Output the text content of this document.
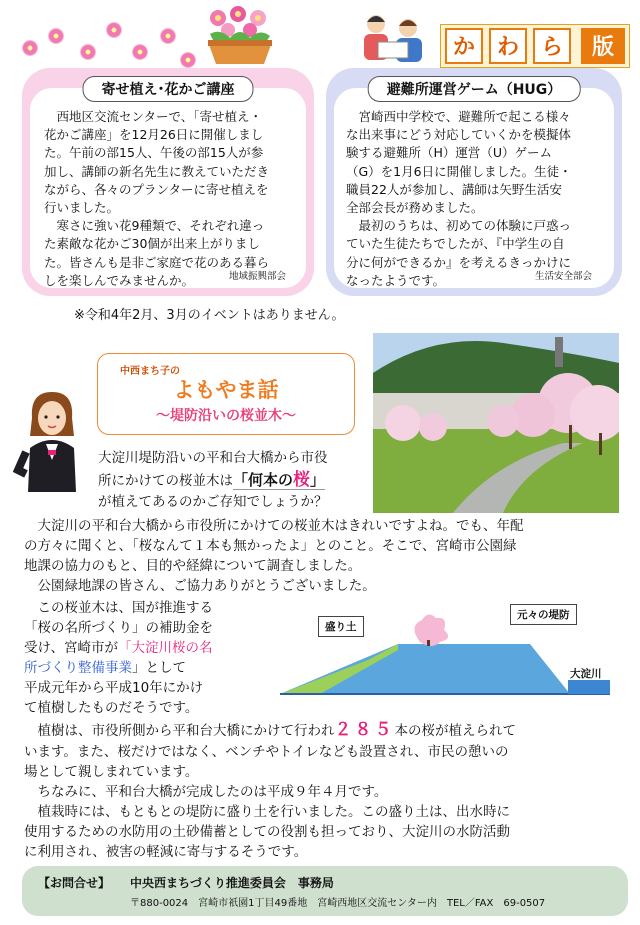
か わ ら	版
寄せ植え･花かご講座
　西地区交流センターで、「寄せ植え・
花かご講座」を12月26日に開催しまし
た。午前の部15人、午後の部15人が参
加し、講師の新名先生に教えていただき
ながら、各々のプランターに寄せ植えを
行いました。
　寒さに強い花9種類で、それぞれ違っ
た素敵な花かご30個が出来上がりまし
た。皆さんも是非ご家庭で花のある暮ら
しを楽しんでみませんか。	地域振興部会
避難所運営ゲーム（HUG）
　宮崎西中学校で、避難所で起こる様々
な出来事にどう対応していくかを模擬体
験する避難所（H）運営（U）ゲーム
（G）を1月6日に開催しました。生徒・
職員22人が参加し、講師は矢野生活安
全部会長が務めました。
　最初のうちは、初めての体験に戸惑っ
ていた生徒たちでしたが、『中学生の自
分に何ができるか』を考えるきっかけに
なったようです。	生活安全部会
※令和4年2月、3月のイベントはありません。
中西まち子の
よもやま話
～堤防沿いの桜並木～
大淀川堤防沿いの平和台大橋から市役
所にかけての桜並木は「何本の桜」
が植えてあるのかご存知でしょうか？
　大淀川の平和台大橋から市役所にかけての桜並木はきれいですよね。でも、年配
の方々に聞くと、「桜なんて１本も無かったよ」とのこと。そこで、宮崎市公園緑
地課の協力のもと、目的や経緯について調査しました。
　公園緑地課の皆さん、ご協力ありがとうございました。
　この桜並木は、国が推進する
「桜の名所づくり」の補助金を
受け、宮崎市が「大淀川桜の名
所づくり整備事業」として
平成元年から平成10年にかけ
て植樹したものだそうです。
盛り土
元々の堤防
大淀川
　植樹は、市役所側から平和台大橋にかけて行われ２８５本の桜が植えられて
います。また、桜だけではなく、ベンチやトイレなども設置され、市民の憩いの
場として親しまれています。
　ちなみに、平和台大橋が完成したのは平成９年４月です。
　植栽時には、もともとの堤防に盛り土を行いました。この盛り土は、出水時に
使用するための水防用の土砂備蓄としての役割も担っており、大淀川の水防活動
に利用され、被害の軽減に寄与するそうです。
【お問合せ】 中央西まちづくり推進委員会　事務局
〒880-0024　宮崎市祇園1丁目49番地　宮崎西地区交流センター内　TEL／FAX　69-0507
